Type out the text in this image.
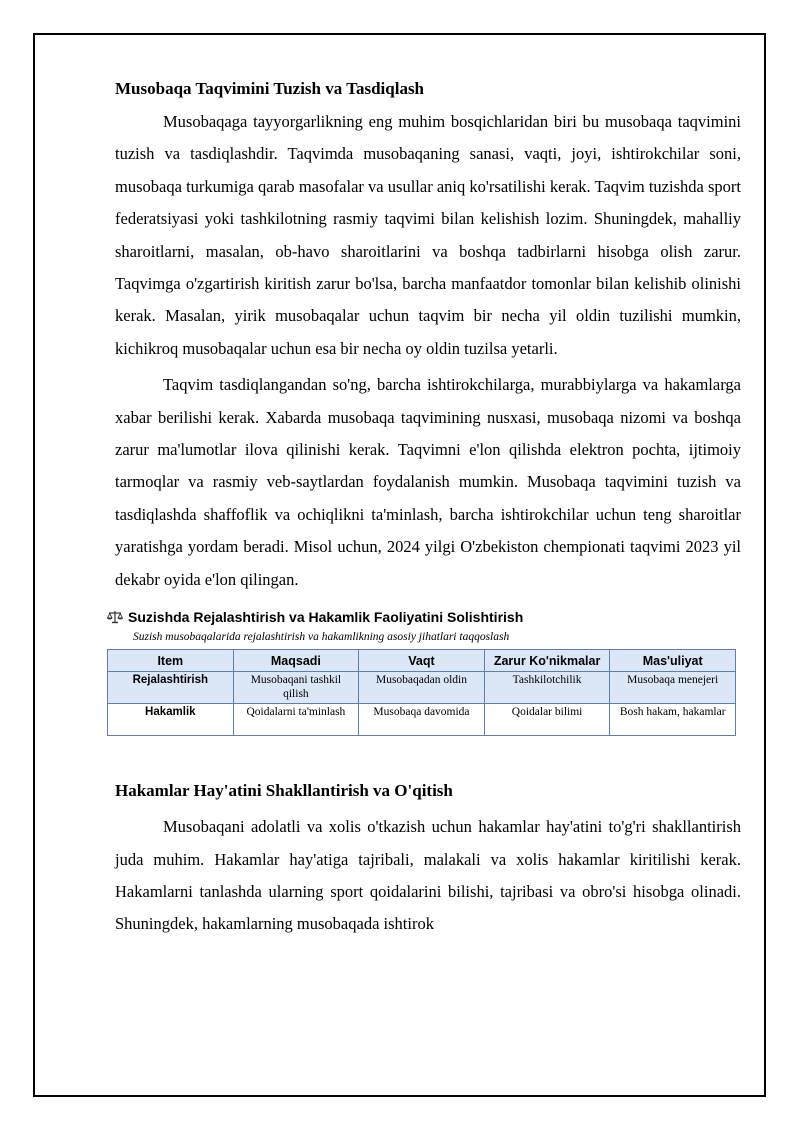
Musobaqa Taqvimini Tuzish va Tasdiqlash

Musobaqaga tayyorgarlikning eng muhim bosqichlaridan biri bu musobaqa taqvimini tuzish va tasdiqlashdir. Taqvimda musobaqaning sanasi, vaqti, joyi, ishtirokchilar soni, musobaqa turkumiga qarab masofalar va usullar aniq ko'rsatilishi kerak. Taqvim tuzishda sport federatsiyasi yoki tashkilotning rasmiy taqvimi bilan kelishish lozim. Shuningdek, mahalliy sharoitlarni, masalan, ob-havo sharoitlarini va boshqa tadbirlarni hisobga olish zarur. Taqvimga o'zgartirish kiritish zarur bo'lsa, barcha manfaatdor tomonlar bilan kelishib olinishi kerak. Masalan, yirik musobaqalar uchun taqvim bir necha yil oldin tuzilishi mumkin, kichikroq musobaqalar uchun esa bir necha oy oldin tuzilsa yetarli.

Taqvim tasdiqlangandan so'ng, barcha ishtirokchilarga, murabbiylarga va hakamlarga xabar berilishi kerak. Xabarda musobaqa taqvimining nusxasi, musobaqa nizomi va boshqa zarur ma'lumotlar ilova qilinishi kerak. Taqvimni e'lon qilishda elektron pochta, ijtimoiy tarmoqlar va rasmiy veb-saytlardan foydalanish mumkin. Musobaqa taqvimini tuzish va tasdiqlashda shaffoflik va ochiqlikni ta'minlash, barcha ishtirokchilar uchun teng sharoitlar yaratishga yordam beradi. Misol uchun, 2024 yilgi O'zbekiston chempionati taqvimi 2023 yil dekabr oyida e'lon qilingan.

Suzishda Rejalashtirish va Hakamlik Faoliyatini Solishtirish
Suzish musobaqalarida rejalashtirish va hakamlikning asosiy jihatlari taqqoslash
Item	Maqsadi	Vaqt	Zarur Ko'nikmalar	Mas'uliyat
Rejalashtirish	Musobaqani tashkil qilish	Musobaqadan oldin	Tashkilotchilik	Musobaqa menejeri
Hakamlik	Qoidalarni ta'minlash	Musobaqa davomida	Qoidalar bilimi	Bosh hakam, hakamlar
Hakamlar Hay'atini Shakllantirish va O'qitish

Musobaqani adolatli va xolis o'tkazish uchun hakamlar hay'atini to'g'ri shakllantirish juda muhim. Hakamlar hay'atiga tajribali, malakali va xolis hakamlar kiritilishi kerak. Hakamlarni tanlashda ularning sport qoidalarini bilishi, tajribasi va obro'si hisobga olinadi. Shuningdek, hakamlarning musobaqada ishtirok
